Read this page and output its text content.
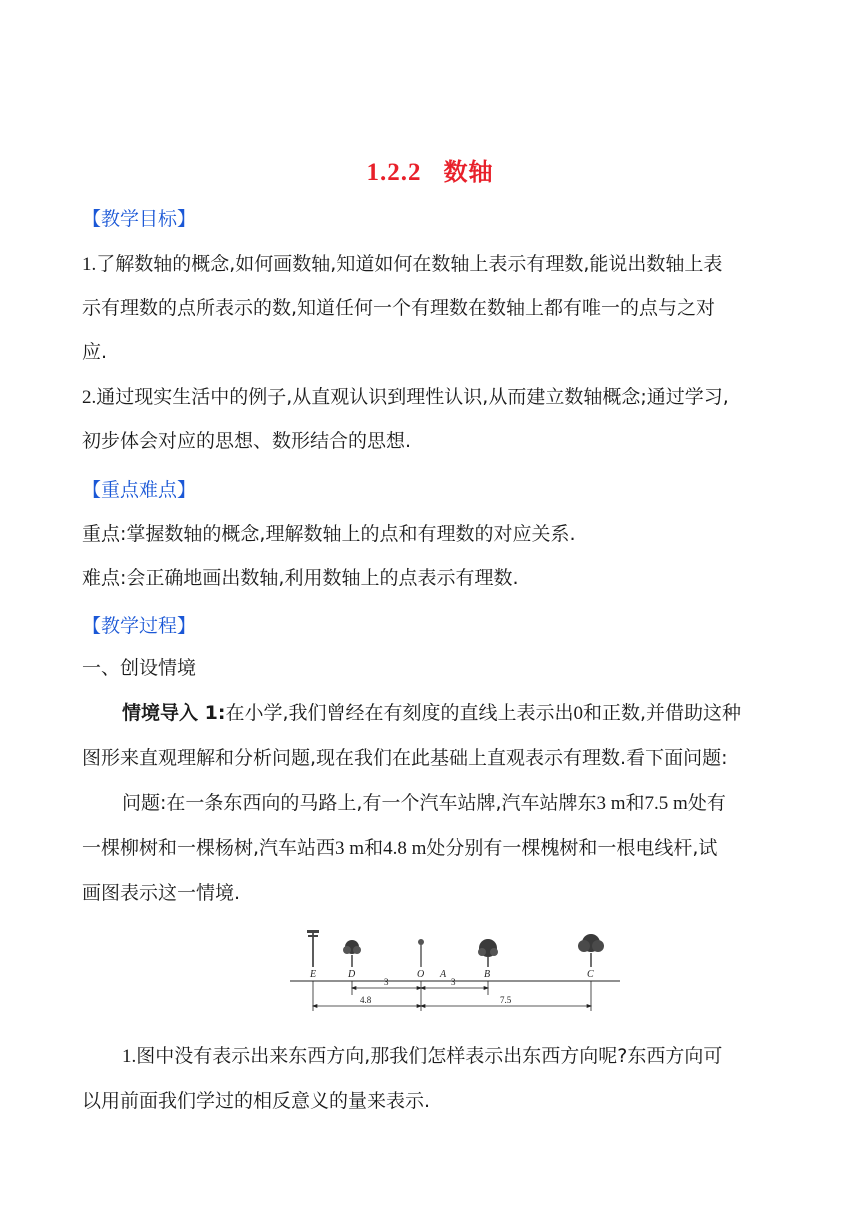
1.2.2 数轴
【教学目标】
1.了解数轴的概念,如何画数轴,知道如何在数轴上表示有理数,能说出数轴上表
示有理数的点所表示的数,知道任何一个有理数在数轴上都有唯一的点与之对
应.
2.通过现实生活中的例子,从直观认识到理性认识,从而建立数轴概念;通过学习,
初步体会对应的思想、数形结合的思想.
【重点难点】
重点:掌握数轴的概念,理解数轴上的点和有理数的对应关系.
难点:会正确地画出数轴,利用数轴上的点表示有理数.
【教学过程】
一、创设情境
情境导入 1:在小学,我们曾经在有刻度的直线上表示出0和正数,并借助这种
图形来直观理解和分析问题,现在我们在此基础上直观表示有理数.看下面问题:
问题:在一条东西向的马路上,有一个汽车站牌,汽车站牌东3 m和7.5 m处有
一棵柳树和一棵杨树,汽车站西3 m和4.8 m处分别有一棵槐树和一根电线杆,试
画图表示这一情境.
E	D	O A	B	C
3	3
4.8	7.5
1.图中没有表示出来东西方向,那我们怎样表示出东西方向呢?东西方向可
以用前面我们学过的相反意义的量来表示.
